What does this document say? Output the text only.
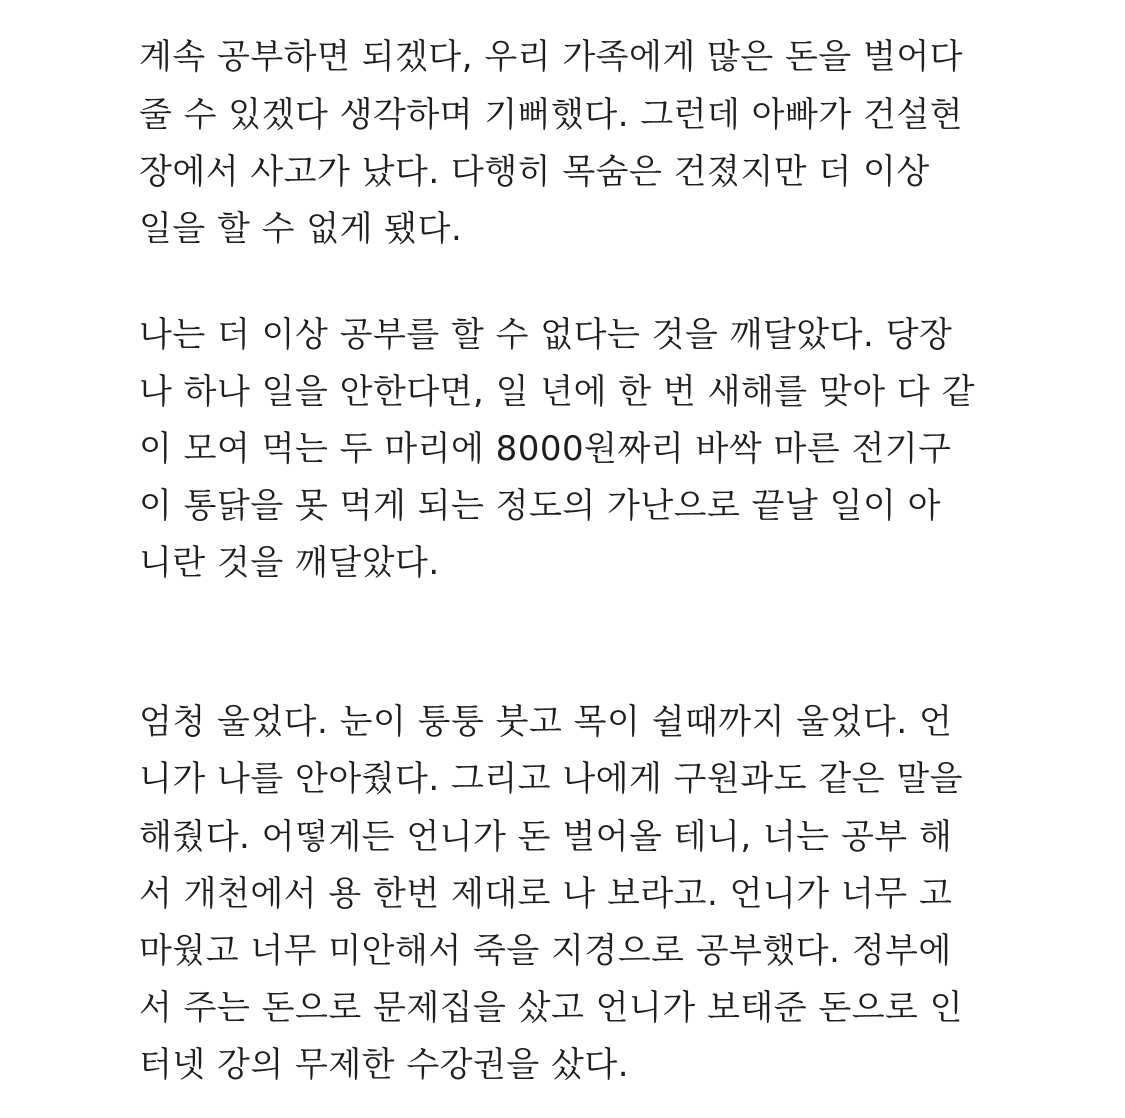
계속 공부하면 되겠다, 우리 가족에게 많은 돈을 벌어다
줄 수 있겠다 생각하며 기뻐했다. 그런데 아빠가 건설현
장에서 사고가 났다. 다행히 목숨은 건졌지만 더 이상
일을 할 수 없게 됐다.
나는 더 이상 공부를 할 수 없다는 것을 깨달았다. 당장
나 하나 일을 안한다면, 일 년에 한 번 새해를 맞아 다 같
이 모여 먹는 두 마리에 8000원짜리 바싹 마른 전기구
이 통닭을 못 먹게 되는 정도의 가난으로 끝날 일이 아
니란 것을 깨달았다.
엄청 울었다. 눈이 퉁퉁 붓고 목이 쉴때까지 울었다. 언
니가 나를 안아줬다. 그리고 나에게 구원과도 같은 말을
해줬다. 어떻게든 언니가 돈 벌어올 테니, 너는 공부 해
서 개천에서 용 한번 제대로 나 보라고. 언니가 너무 고
마웠고 너무 미안해서 죽을 지경으로 공부했다. 정부에
서 주는 돈으로 문제집을 샀고 언니가 보태준 돈으로 인
터넷 강의 무제한 수강권을 샀다.
